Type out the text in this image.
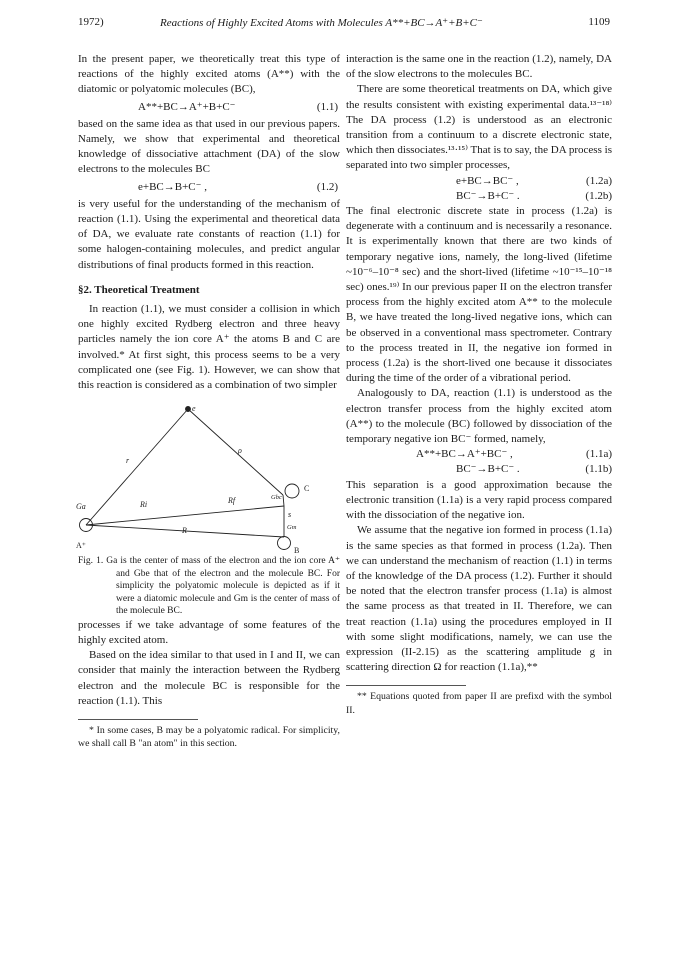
1972)	Reactions of Highly Excited Atoms with Molecules A**+BC→A⁺+B+C⁻	1109

In the present paper, we theoretically treat this type of reactions of the highly excited atoms (A**) with the diatomic or polyatomic molecules (BC),

A**+BC→A⁺+B+C⁻	(1.1)

based on the same idea as that used in our previous papers. Namely, we show that experimental and theoretical knowledge of dissociative attachment (DA) of the slow electrons to the molecules BC

e+BC→B+C⁻ ,	(1.2)

is very useful for the understanding of the mechanism of reaction (1.1). Using the experimental and theoretical data of DA, we evaluate rate constants of reaction (1.1) for some halogen-containing molecules, and predict angular distributions of final products formed in this reaction.

§2. Theoretical Treatment

In reaction (1.1), we must consider a collision in which one highly excited Rydberg electron and three heavy particles namely the ion core A⁺ the atoms B and C are involved.* At first sight, this process seems to be a very complicated one (see Fig. 1). However, we can show that this reaction is considered as a combination of two simpler

e
r
ρ
Ga	Ri	Rf	Gbc
C
s
Gm
R
A⁺
B

Fig. 1. Ga is the center of mass of the electron and the ion core A⁺ and Gbe that of the electron and the molecule BC. For simplicity the polyatomic molecule is depicted as if it were a diatomic molecule and Gm is the center of mass of the molecule BC.

processes if we take advantage of some features of the highly excited atom.

Based on the idea similar to that used in I and II, we can consider that mainly the interaction between the Rydberg electron and the molecule BC is responsible for the reaction (1.1). This

* In some cases, B may be a polyatomic radical. For simplicity, we shall call B "an atom" in this section.

interaction is the same one in the reaction (1.2), namely, DA of the slow electrons to the molecules BC.

There are some theoretical treatments on DA, which give the results consistent with existing experimental data.¹³⁻¹⁸⁾ The DA process (1.2) is understood as an electronic transition from a continuum to a discrete electronic state, which then dissociates.¹³·¹⁵⁾ That is to say, the DA process is separated into two simpler processes,

e+BC→BC⁻ ,	(1.2a)
BC⁻→B+C⁻ .	(1.2b)

The final electronic discrete state in process (1.2a) is degenerate with a continuum and is necessarily a resonance. It is experimentally known that there are two kinds of temporary negative ions, namely, the long-lived (lifetime ~10⁻⁶–10⁻⁸ sec) and the short-lived (lifetime ~10⁻¹⁵–10⁻¹⁸ sec) ones.¹⁹⁾ In our previous paper II on the electron transfer process from the highly excited atom A** to the molecule B, we have treated the long-lived negative ions, which can be observed in a conventional mass spectrometer. Contrary to the process treated in II, the negative ion formed in process (1.2a) is the short-lived one because it dissociates during the time of the order of a vibrational period.

Analogously to DA, reaction (1.1) is understood as the electron transfer process from the highly excited atom (A**) to the molecule (BC) followed by dissociation of the temporary negative ion BC⁻ formed, namely,

A**+BC→A⁺+BC⁻ ,	(1.1a)
BC⁻→B+C⁻ .	(1.1b)

This separation is a good approximation because the electronic transition (1.1a) is a very rapid process compared with the dissociation of the negative ion.

We assume that the negative ion formed in process (1.1a) is the same species as that formed in process (1.2a). Then we can understand the mechanism of reaction (1.1) in terms of the knowledge of the DA process (1.2). Further it should be noted that the electron transfer process (1.1a) is almost the same process as that treated in II. Therefore, we can treat reaction (1.1a) using the procedures employed in II with some slight modifications, namely, we can use the expression (II-2.15) as the scattering amplitude g in scattering direction Ω for reaction (1.1a),**

** Equations quoted from paper II are prefixd with the symbol II.
